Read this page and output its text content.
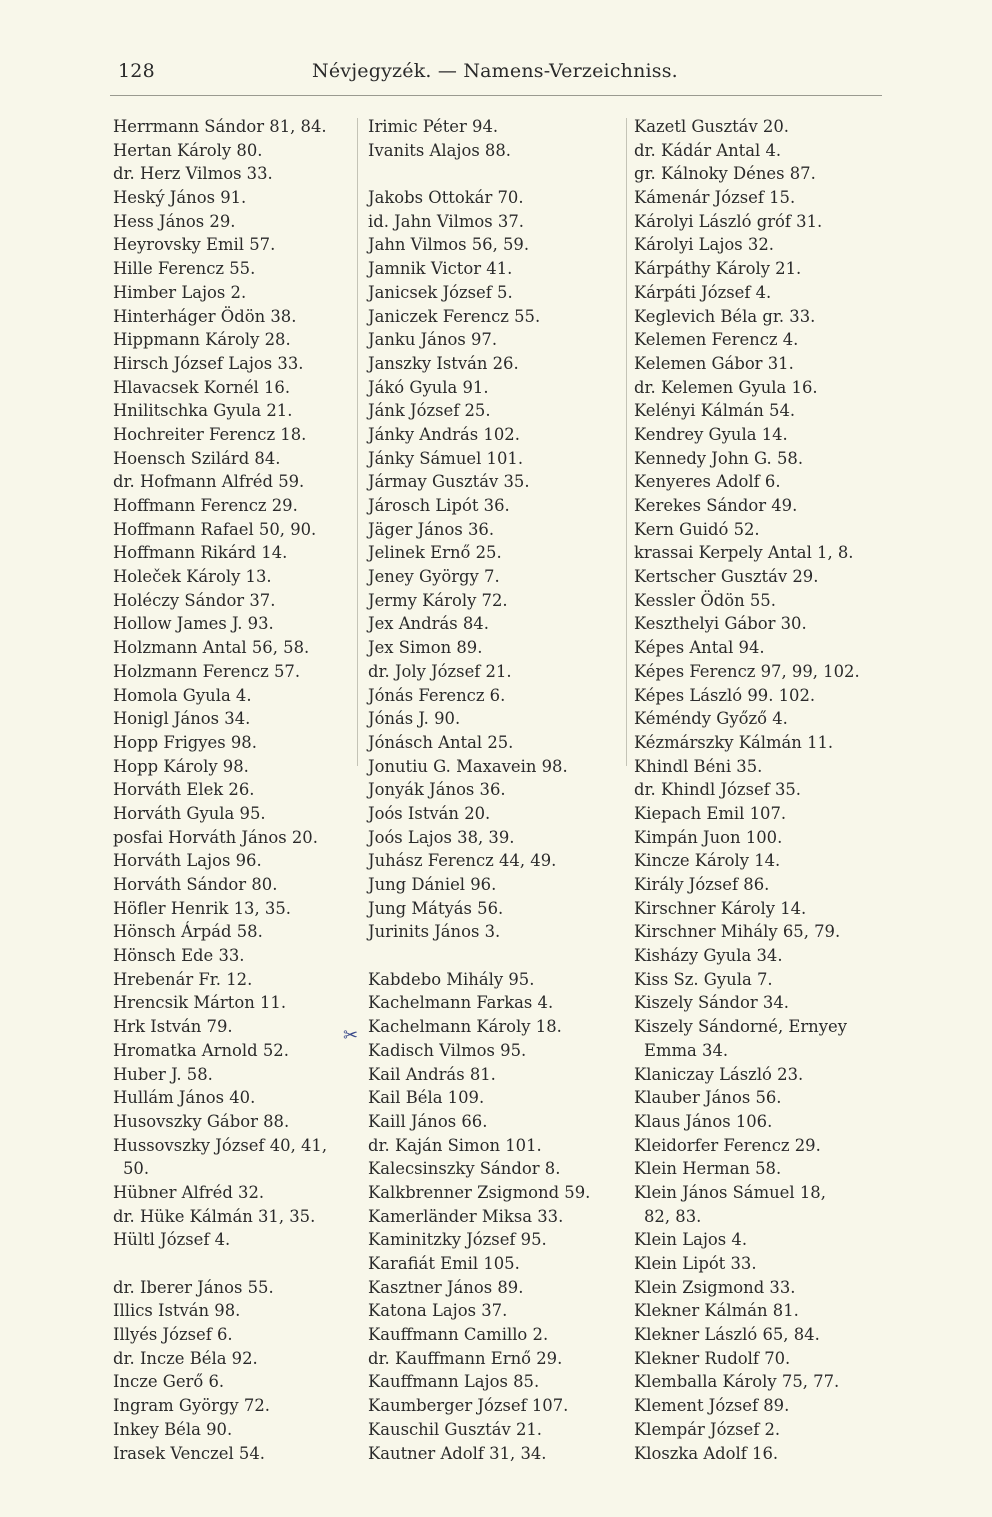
128	Névjegyzék. — Namens-Verzeichniss.
Herrmann Sándor 81, 84.
Hertan Károly 80.
dr. Herz Vilmos 33.
Heský János 91.
Hess János 29.
Heyrovsky Emil 57.
Hille Ferencz 55.
Himber Lajos 2.
Hinterháger Ödön 38.
Hippmann Károly 28.
Hirsch József Lajos 33.
Hlavacsek Kornél 16.
Hnilitschka Gyula 21.
Hochreiter Ferencz 18.
Hoensch Szilárd 84.
dr. Hofmann Alfréd 59.
Hoffmann Ferencz 29.
Hoffmann Rafael 50, 90.
Hoffmann Rikárd 14.
Holeček Károly 13.
Holéczy Sándor 37.
Hollow James J. 93.
Holzmann Antal 56, 58.
Holzmann Ferencz 57.
Homola Gyula 4.
Honigl János 34.
Hopp Frigyes 98.
Hopp Károly 98.
Horváth Elek 26.
Horváth Gyula 95.
posfai Horváth János 20.
Horváth Lajos 96.
Horváth Sándor 80.
Höfler Henrik 13, 35.
Hönsch Árpád 58.
Hönsch Ede 33.
Hrebenár Fr. 12.
Hrencsik Márton 11.
Hrk István 79.
Hromatka Arnold 52.
Huber J. 58.
Hullám János 40.
Husovszky Gábor 88.
Hussovszky József 40, 41,
50.
Hübner Alfréd 32.
dr. Hüke Kálmán 31, 35.
Hültl József 4.
dr. Iberer János 55.
Illics István 98.
Illyés József 6.
dr. Incze Béla 92.
Incze Gerő 6.
Ingram György 72.
Inkey Béla 90.
Irasek Venczel 54.
Irimic Péter 94.
Ivanits Alajos 88.
Jakobs Ottokár 70.
id. Jahn Vilmos 37.
Jahn Vilmos 56, 59.
Jamnik Victor 41.
Janicsek József 5.
Janiczek Ferencz 55.
Janku János 97.
Janszky István 26.
Jákó Gyula 91.
Jánk József 25.
Jánky András 102.
Jánky Sámuel 101.
Jármay Gusztáv 35.
Járosch Lipót 36.
Jäger János 36.
Jelinek Ernő 25.
Jeney György 7.
Jermy Károly 72.
Jex András 84.
Jex Simon 89.
dr. Joly József 21.
Jónás Ferencz 6.
Jónás J. 90.
Jónásch Antal 25.
Jonutiu G. Maxavein 98.
Jonyák János 36.
Joós István 20.
Joós Lajos 38, 39.
Juhász Ferencz 44, 49.
Jung Dániel 96.
Jung Mátyás 56.
Jurinits János 3.
Kabdebo Mihály 95.
Kachelmann Farkas 4.
Kachelmann Károly 18.
Kadisch Vilmos 95.
Kail András 81.
Kail Béla 109.
Kaill János 66.
dr. Kaján Simon 101.
Kalecsinszky Sándor 8.
Kalkbrenner Zsigmond 59.
Kamerländer Miksa 33.
Kaminitzky József 95.
Karafiát Emil 105.
Kasztner János 89.
Katona Lajos 37.
Kauffmann Camillo 2.
dr. Kauffmann Ernő 29.
Kauffmann Lajos 85.
Kaumberger József 107.
Kauschil Gusztáv 21.
Kautner Adolf 31, 34.
Kazetl Gusztáv 20.
dr. Kádár Antal 4.
gr. Kálnoky Dénes 87.
Kámenár József 15.
Károlyi László gróf 31.
Károlyi Lajos 32.
Kárpáthy Károly 21.
Kárpáti József 4.
Keglevich Béla gr. 33.
Kelemen Ferencz 4.
Kelemen Gábor 31.
dr. Kelemen Gyula 16.
Kelényi Kálmán 54.
Kendrey Gyula 14.
Kennedy John G. 58.
Kenyeres Adolf 6.
Kerekes Sándor 49.
Kern Guidó 52.
krassai Kerpely Antal 1, 8.
Kertscher Gusztáv 29.
Kessler Ödön 55.
Keszthelyi Gábor 30.
Képes Antal 94.
Képes Ferencz 97, 99, 102.
Képes László 99. 102.
Kéméndy Győző 4.
Kézmárszky Kálmán 11.
Khindl Béni 35.
dr. Khindl József 35.
Kiepach Emil 107.
Kimpán Juon 100.
Kincze Károly 14.
Király József 86.
Kirschner Károly 14.
Kirschner Mihály 65, 79.
Kisházy Gyula 34.
Kiss Sz. Gyula 7.
Kiszely Sándor 34.
Kiszely Sándorné, Ernyey
Emma 34.
Klaniczay László 23.
Klauber János 56.
Klaus János 106.
Kleidorfer Ferencz 29.
Klein Herman 58.
Klein János Sámuel 18,
82, 83.
Klein Lajos 4.
Klein Lipót 33.
Klein Zsigmond 33.
Klekner Kálmán 81.
Klekner László 65, 84.
Klekner Rudolf 70.
Klemballa Károly 75, 77.
Klement József 89.
Klempár József 2.
Kloszka Adolf 16.
✂
